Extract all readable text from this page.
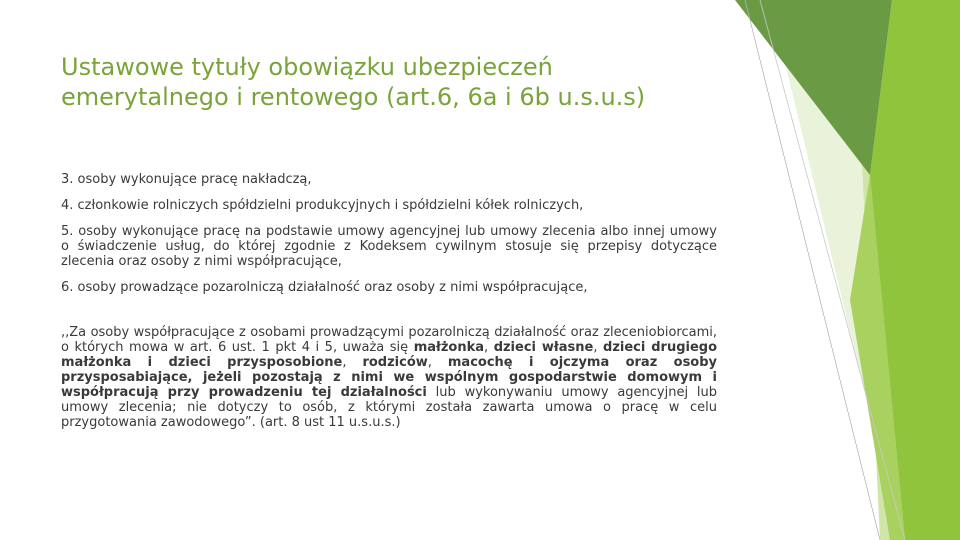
Ustawowe tytuły obowiązku ubezpieczeń
emerytalnego i rentowego (art.6, 6a i 6b u.s.u.s)

3. osoby wykonujące pracę nakładczą,

4. członkowie rolniczych spółdzielni produkcyjnych i spółdzielni kółek rolniczych,

5. osoby wykonujące pracę na podstawie umowy agencyjnej lub umowy zlecenia albo innej umowy o świadczenie usług, do której zgodnie z Kodeksem cywilnym stosuje się przepisy dotyczące zlecenia oraz osoby z nimi współpracujące,

6. osoby prowadzące pozarolniczą działalność oraz osoby z nimi współpracujące,

,,Za osoby współpracujące z osobami prowadzącymi pozarolniczą działalność oraz zleceniobiorcami, o których mowa w art. 6 ust. 1 pkt 4 i 5, uważa się małżonka, dzieci własne, dzieci drugiego małżonka i dzieci przysposobione, rodziców, macochę i ojczyma oraz osoby przysposabiające, jeżeli pozostają z nimi we wspólnym gospodarstwie domowym i współpracują przy prowadzeniu tej działalności lub wykonywaniu umowy agencyjnej lub umowy zlecenia; nie dotyczy to osób, z którymi została zawarta umowa o pracę w celu przygotowania zawodowego”. (art. 8 ust 11 u.s.u.s.)
